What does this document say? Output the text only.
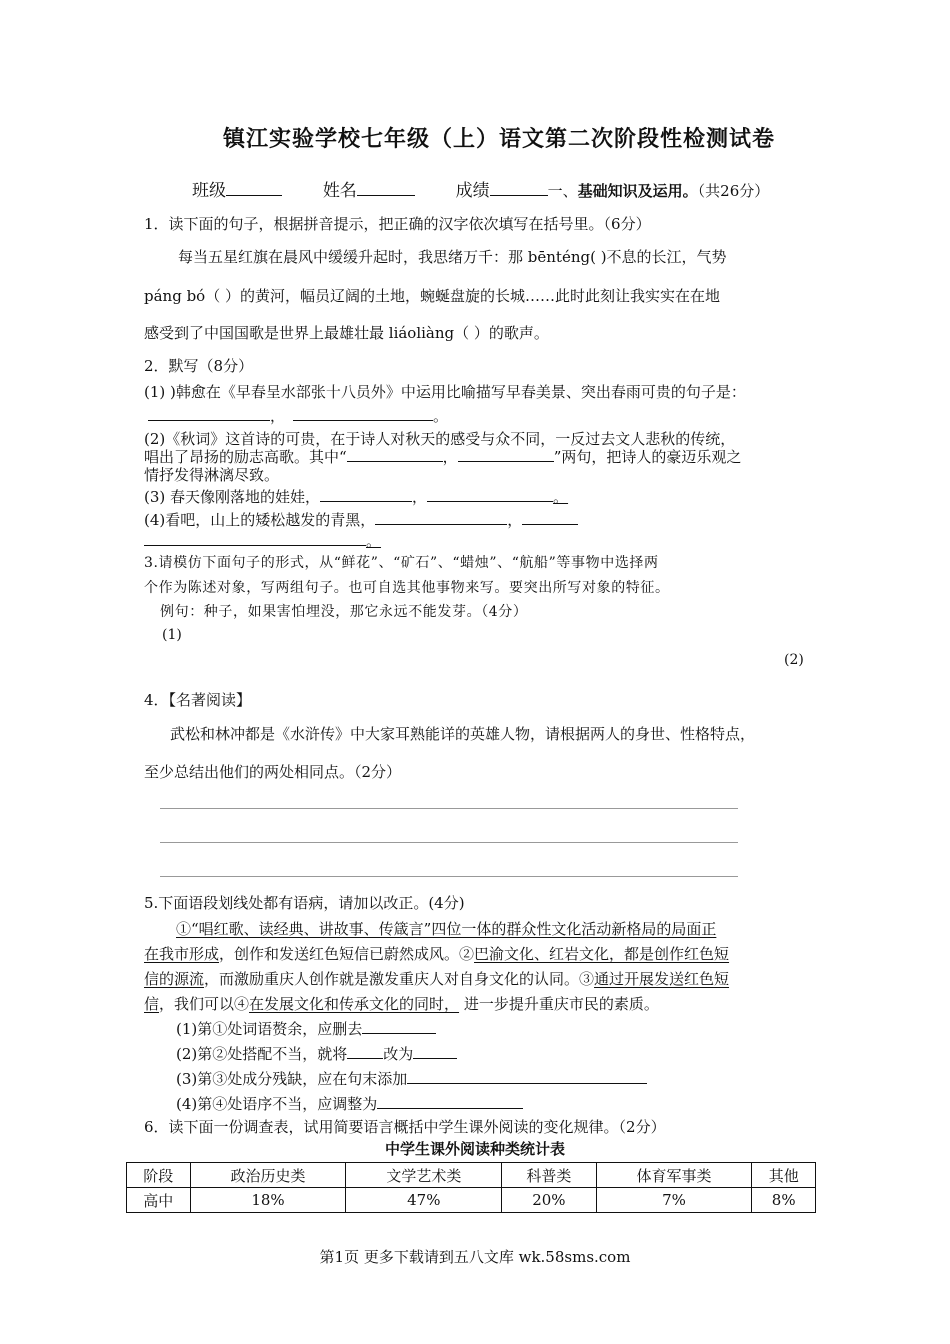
镇江实验学校七年级（上）语文第二次阶段性检测试卷
班级	姓名	成绩	一、基础知识及运用。（共26分）
1．读下面的句子，根据拼音提示，把正确的汉字依次填写在括号里。（6分）
每当五星红旗在晨风中缓缓升起时，我思绪万千：那 bēnténg( )不息的长江，气势
páng bó（ ）的黄河，幅员辽阔的土地，蜿蜒盘旋的长城……此时此刻让我实实在在地
感受到了中国国歌是世界上最雄壮最 liáoliàng（ ）的歌声。
2．默写（8分）
(1) )韩愈在《早春呈水部张十八员外》中运用比喻描写早春美景、突出春雨可贵的句子是：
，	。
(2)《秋词》这首诗的可贵，在于诗人对秋天的感受与众不同，一反过去文人悲秋的传统，
唱出了昂扬的励志高歌。其中“	，	”两句，把诗人的豪迈乐观之
情抒发得淋漓尽致。
(3) 春天像刚落地的娃娃，	，	。
(4)看吧，山上的矮松越发的青黑，	，
。
3.请模仿下面句子的形式，从“鲜花”、“矿石”、“蜡烛”、“航船”等事物中选择两
个作为陈述对象，写两组句子。也可自选其他事物来写。要突出所写对象的特征。
例句：种子，如果害怕埋没，那它永远不能发芽。（4分）
(1)
(2)
4．【名著阅读】
武松和林冲都是《水浒传》中大家耳熟能详的英雄人物，请根据两人的身世、性格特点，
至少总结出他们的两处相同点。（2分）
5.下面语段划线处都有语病，请加以改正。(4分)
①“唱红歌、读经典、讲故事、传箴言”四位一体的群众性文化活动新格局的局面正
在我市形成，创作和发送红色短信已蔚然成风。②巴渝文化、红岩文化，都是创作红色短
信的源流，而激励重庆人创作就是激发重庆人对自身文化的认同。③通过开展发送红色短
信，我们可以④在发展文化和传承文化的同时， 进一步提升重庆市民的素质。
(1)第①处词语赘余，应删去
(2)第②处搭配不当，就将 改为
(3)第③处成分残缺，应在句末添加
(4)第④处语序不当，应调整为
6．读下面一份调查表，试用简要语言概括中学生课外阅读的变化规律。（2分）
中学生课外阅读种类统计表
阶段	政治历史类	文学艺术类	科普类	体育军事类	其他
高中	18%	47%	20%	7%	8%
第1页 更多下载请到五八文库 wk.58sms.com
